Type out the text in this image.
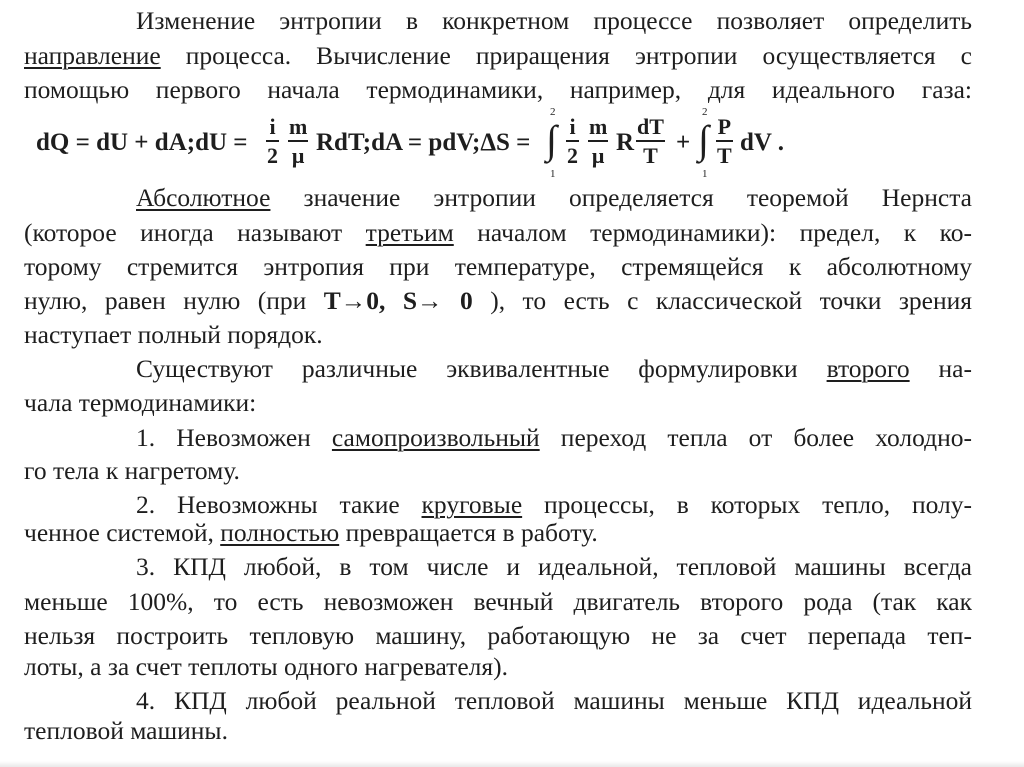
Изменение энтропии в конкретном процессе позволяет определить
направление процесса. Вычисление приращения энтропии осуществляется с
помощью первого начала термодинамики, например, для идеального газа:
dQ = dU + dA;dU =
i
2
m
μ RdT;dA = pdV;ΔS =
2
∫
1
i
2
m
μ R
dT
T +
2
∫
1
P
T dV .
Абсолютное значение энтропии определяется теоремой Нернста
(которое иногда называют третьим началом термодинамики): предел, к ко-
торому стремится энтропия при температуре, стремящейся к абсолютному
нулю, равен нулю (при T→0, S→ 0 ), то есть с классической точки зрения
наступает полный порядок.
Существуют различные эквивалентные формулировки второго на-
чала термодинамики:
1. Невозможен самопроизвольный переход тепла от более холодно-
го тела к нагретому.
2. Невозможны такие круговые процессы, в которых тепло, полу-
ченное системой, полностью превращается в работу.
3. КПД любой, в том числе и идеальной, тепловой машины всегда
меньше 100%, то есть невозможен вечный двигатель второго рода (так как
нельзя построить тепловую машину, работающую не за счет перепада теп-
лоты, а за счет теплоты одного нагревателя).
4. КПД любой реальной тепловой машины меньше КПД идеальной
тепловой машины.
